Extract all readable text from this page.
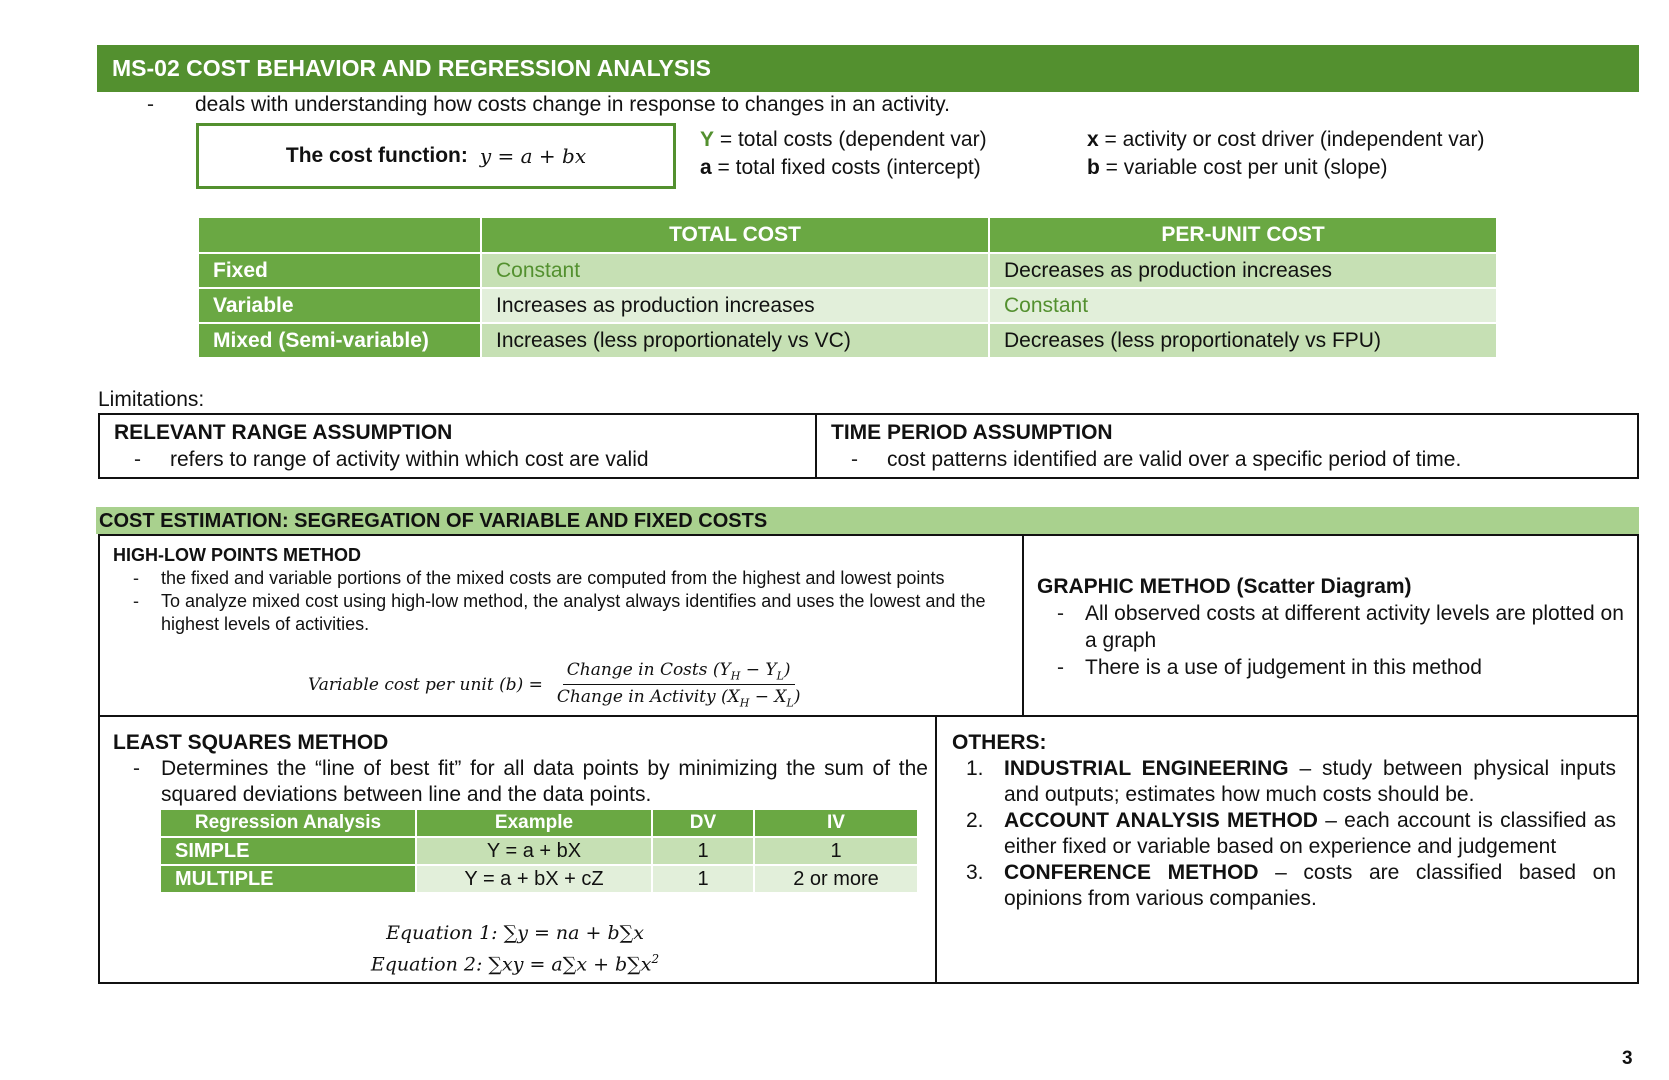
MS-02 COST BEHAVIOR AND REGRESSION ANALYSIS
- deals with understanding how costs change in response to changes in an activity.
The cost function: y = a + bx
Y = total costs (dependent var)
a = total fixed costs (intercept)
x = activity or cost driver (independent var)
b = variable cost per unit (slope)
	TOTAL COST	PER-UNIT COST
Fixed	Constant	Decreases as production increases
Variable	Increases as production increases	Constant
Mixed (Semi-variable)	Increases (less proportionately vs VC)	Decreases (less proportionately vs FPU)
Limitations:
RELEVANT RANGE ASSUMPTION

- refers to range of activity within which cost are valid

TIME PERIOD ASSUMPTION

- cost patterns identified are valid over a specific period of time.

COST ESTIMATION: SEGREGATION OF VARIABLE AND FIXED COSTS
HIGH-LOW POINTS METHOD
- the fixed and variable portions of the mixed costs are computed from the highest and lowest points
- To analyze mixed cost using high-low method, the analyst always identifies and uses the lowest and the highest levels of activities.
Variable cost per unit (b) =
Change in Costs $(Y_H - Y_L)$
Change in Activity $(X_H - X_L)$
GRAPHIC METHOD (Scatter Diagram)
- All observed costs at different activity levels are plotted on a graph
- There is a use of judgement in this method
LEAST SQUARES METHOD
- Determines the “line of best fit” for all data points by minimizing the sum of the squared deviations between line and the data points.
Regression Analysis	Example	DV	IV
SIMPLE	Y = a + bX	1	1
MULTIPLE	Y = a + bX + cZ	1	2 or more
Equation 1: ∑y = na + b∑x
Equation 2: $\sum xy = a\sum x + b\sum x^2$
OTHERS:
1. INDUSTRIAL ENGINEERING – study between physical inputs and outputs; estimates how much costs should be.
2. ACCOUNT ANALYSIS METHOD – each account is classified as either fixed or variable based on experience and judgement
3. CONFERENCE METHOD – costs are classified based on opinions from various companies.
3
